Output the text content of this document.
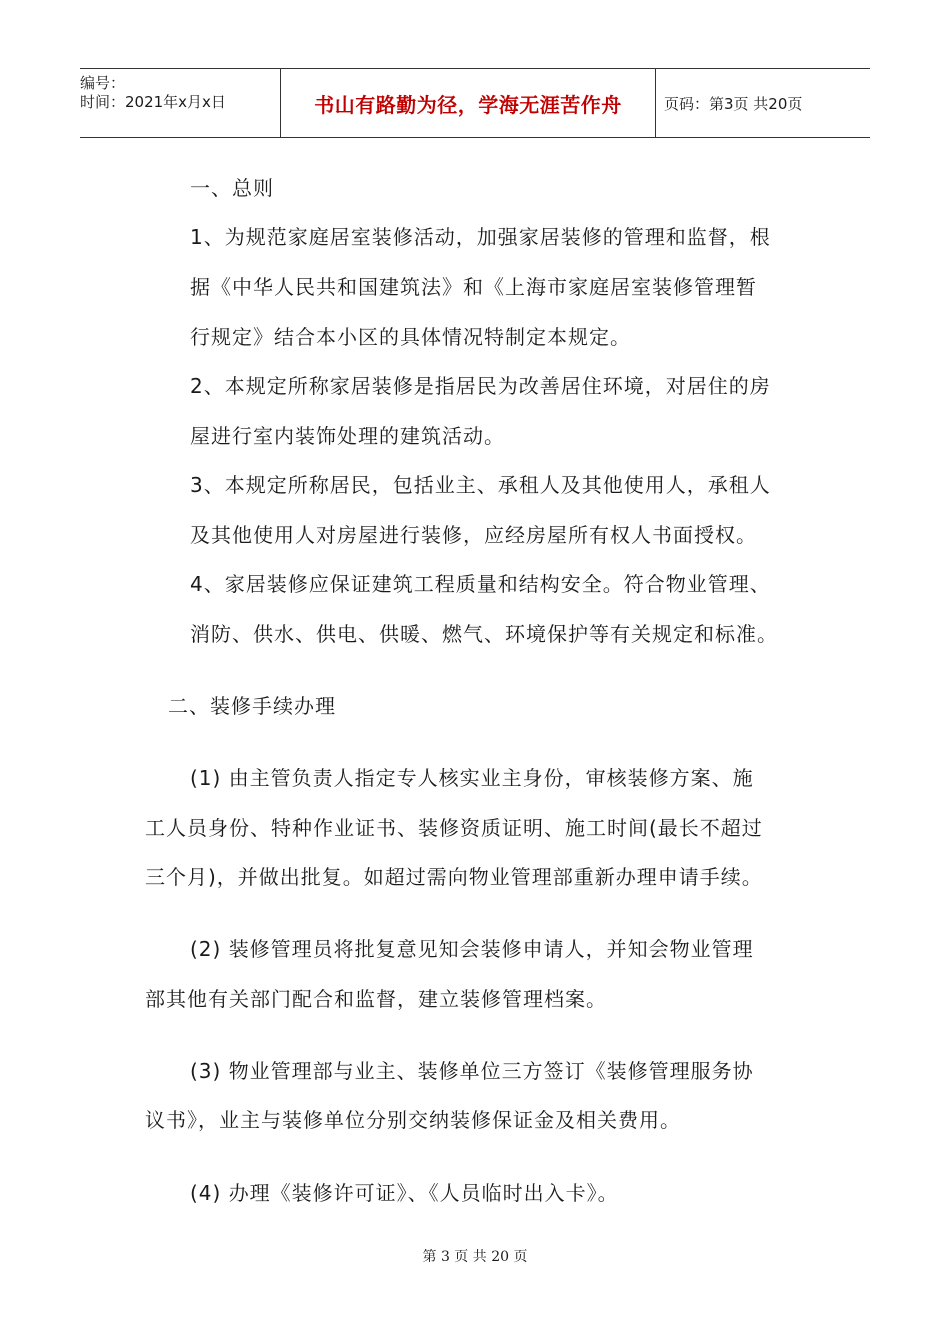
编号：
时间：2021年x月x日	书山有路勤为径，学海无涯苦作舟	页码：第3页 共20页
一、总则
1、为规范家庭居室装修活动，加强家居装修的管理和监督，根
据《中华人民共和国建筑法》和《上海市家庭居室装修管理暂
行规定》结合本小区的具体情况特制定本规定。
2、本规定所称家居装修是指居民为改善居住环境，对居住的房
屋进行室内装饰处理的建筑活动。
3、本规定所称居民，包括业主、承租人及其他使用人，承租人
及其他使用人对房屋进行装修，应经房屋所有权人书面授权。
4、家居装修应保证建筑工程质量和结构安全。符合物业管理、
消防、供水、供电、供暖、燃气、环境保护等有关规定和标准。
二、装修手续办理
(1) 由主管负责人指定专人核实业主身份，审核装修方案、施
工人员身份、特种作业证书、装修资质证明、施工时间(最长不超过
三个月)，并做出批复。如超过需向物业管理部重新办理申请手续。
(2) 装修管理员将批复意见知会装修申请人，并知会物业管理
部其他有关部门配合和监督，建立装修管理档案。
(3) 物业管理部与业主、装修单位三方签订《装修管理服务协
议书》，业主与装修单位分别交纳装修保证金及相关费用。
(4) 办理《装修许可证》、《人员临时出入卡》。
第 3 页 共 20 页
